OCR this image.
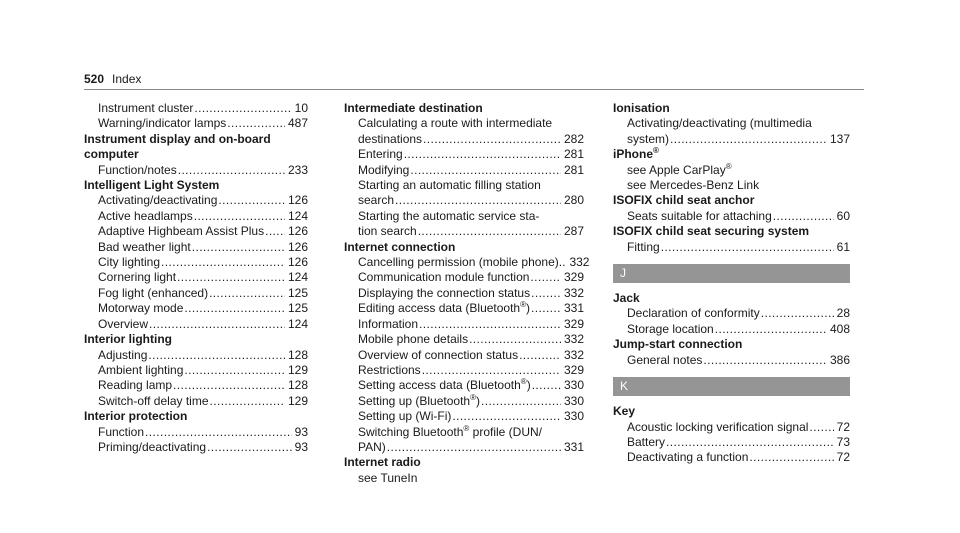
520 Index
Instrument cluster .....	10
Warning/indicator lamps .....	487
Instrument display and on-board
computer
Function/notes .....	233
Intelligent Light System
Activating/deactivating .....	126
Active headlamps .....	124
Adaptive Highbeam Assist Plus ..... 126
Bad weather light .....	126
City lighting .....	126
Cornering light .....	124
Fog light (enhanced) .....	125
Motorway mode .....	125
Overview .....	124
Interior lighting
Adjusting .....	128
Ambient lighting .....	129
Reading lamp .....	128
Switch-off delay time .....	129
Interior protection
Function .....	93
Priming/deactivating .....	93
Intermediate destination
Calculating a route with intermediate
destinations .....	282
Entering .....	281
Modifying .....	281
Starting an automatic filling station
search .....	280
Starting the automatic service sta-
tion search .....	287
Internet connection
Cancelling permission (mobile phone).. 332
Communication module function .....	329
Displaying the connection status .....	332
Editing access data (Bluetooth®) .....	331
Information .....	329
Mobile phone details .....	332
Overview of connection status .....	332
Restrictions .....	329
Setting access data (Bluetooth®) .....	330
Setting up (Bluetooth®) .....	330
Setting up (Wi-Fi) .....	330
Switching Bluetooth® profile (DUN/
PAN) .....	331
Internet radio
see TuneIn
Ionisation
Activating/deactivating (multimedia
system) .....	137
iPhone®
see Apple CarPlay®
see Mercedes-Benz Link
ISOFIX child seat anchor
Seats suitable for attaching .....	60
ISOFIX child seat securing system
Fitting .....	61
J
Jack
Declaration of conformity .....	28
Storage location .....	408
Jump-start connection
General notes .....	386
K
Key
Acoustic locking verification signal ..... 72
Battery .....	73
Deactivating a function .....	72
